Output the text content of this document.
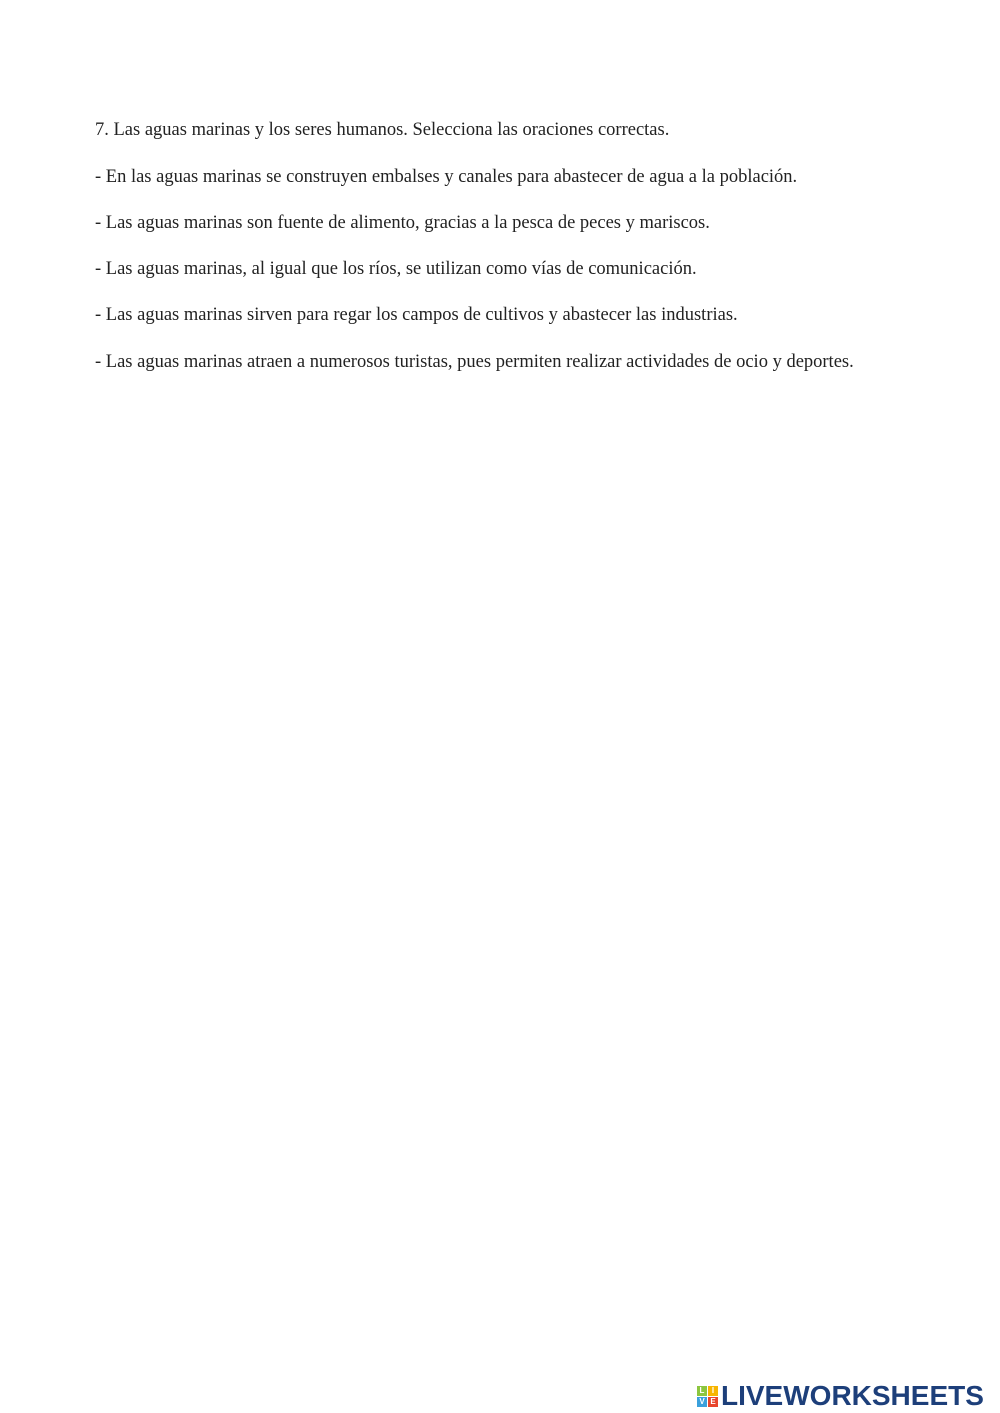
7. Las aguas marinas y los seres humanos. Selecciona las oraciones correctas.
- En las aguas marinas se construyen embalses y canales para abastecer de agua a la población.
- Las aguas marinas son fuente de alimento, gracias a la pesca de peces y mariscos.
- Las aguas marinas, al igual que los ríos, se utilizan como vías de comunicación.
- Las aguas marinas sirven para regar los campos de cultivos y abastecer las industrias.
- Las aguas marinas atraen a numerosos turistas, pues permiten realizar actividades de ocio y deportes.
L I
V E LIVEWORKSHEETS
